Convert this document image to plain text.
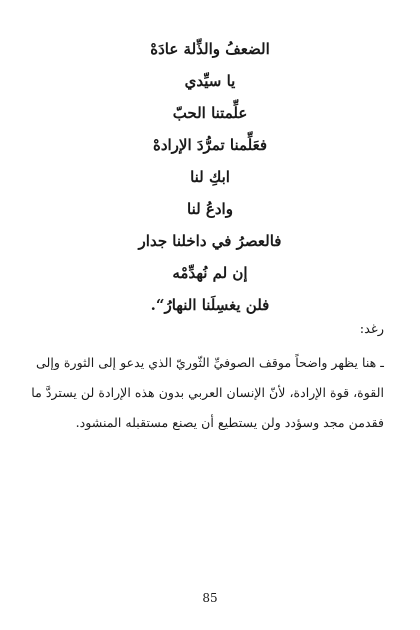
الضعفُ والذِّلة عادَهْ
يا سيِّدي
علِّمتنا الحبّ
فعَلِّمنا تمرُّدَ الإرادهْ
ابكِ لنا
وادعُ لنا
فالعصرُ في داخلنا جدار
إن لم نُهدِّمْه
فلن يغسِلَنا النهارُ“.
رغد:
ـ هنا يظهر واضحاً موقف الصوفيِّ الثّوريّ الذي يدعو إلى الثورة وإلى
القوة، قوة الإرادة، لأنّ الإنسان العربي بدون هذه الإرادة لن يستردَّ ما
فقدمن مجد وسؤدد ولن يستطيع أن يصنع مستقبله المنشود.
85
